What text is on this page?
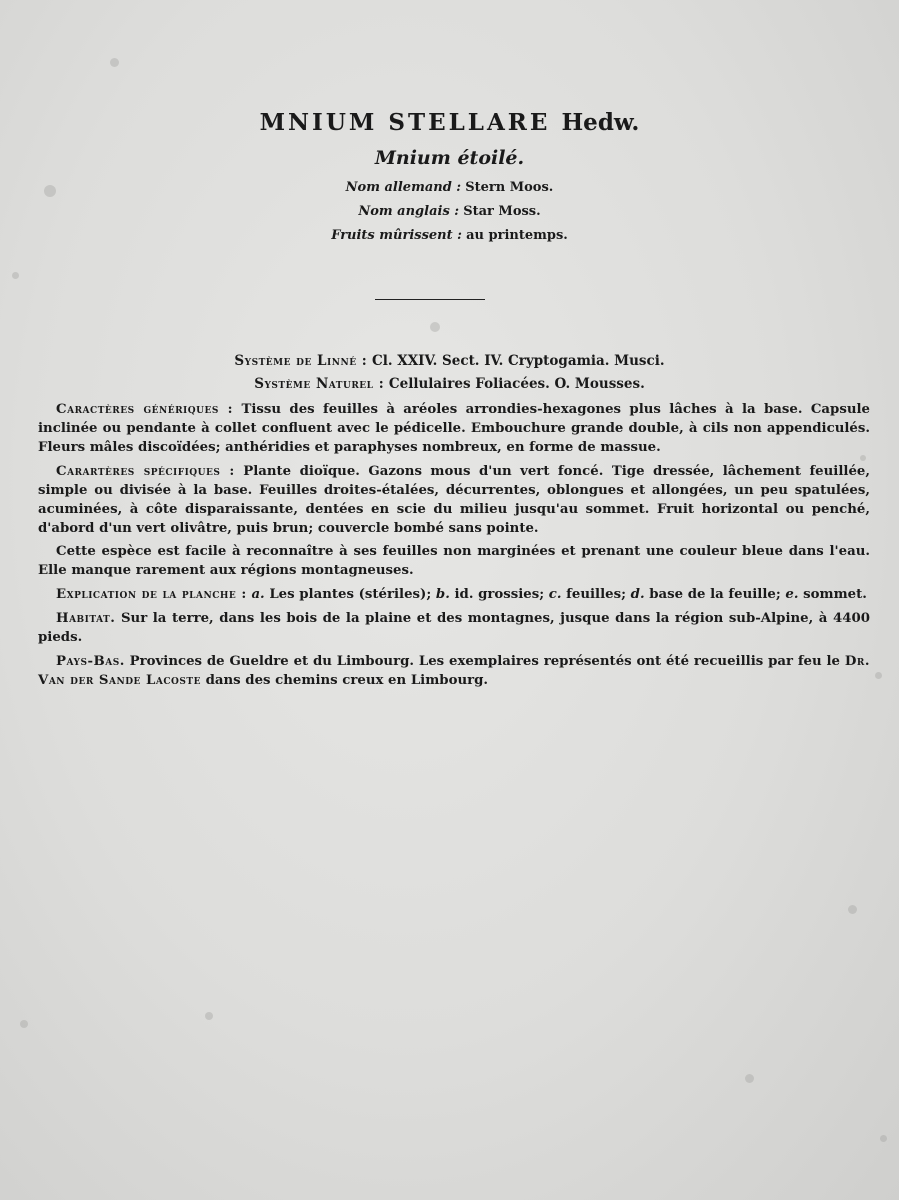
MNIUM STELLARE Hedw.
Mnium étoilé.
Nom allemand : Stern Moos.
Nom anglais : Star Moss.
Fruits mûrissent : au printemps.
Système de Linné : Cl. XXIV. Sect. IV. Cryptogamia. Musci.
Système Naturel : Cellulaires Foliacées. O. Mousses.

Caractères génériques : Tissu des feuilles à aréoles arrondies-hexagones plus lâches à la base. Capsule inclinée ou pendante à collet confluent avec le pédicelle. Embouchure grande double, à cils non appendiculés. Fleurs mâles discoïdées; anthéridies et paraphyses nombreux, en forme de massue.

Carartères spécifiques : Plante dioïque. Gazons mous d'un vert foncé. Tige dressée, lâchement feuillée, simple ou divisée à la base. Feuilles droites-étalées, décurrentes, oblongues et allongées, un peu spatulées, acuminées, à côte disparaissante, dentées en scie du milieu jusqu'au sommet. Fruit horizontal ou penché, d'abord d'un vert olivâtre, puis brun; couvercle bombé sans pointe.

Cette espèce est facile à reconnaître à ses feuilles non marginées et prenant une couleur bleue dans l'eau. Elle manque rarement aux régions montagneuses.

Explication de la planche : a. Les plantes (stériles); b. id. grossies; c. feuilles; d. base de la feuille; e. sommet.

Habitat. Sur la terre, dans les bois de la plaine et des montagnes, jusque dans la région sub-Alpine, à 4400 pieds.

Pays-Bas. Provinces de Gueldre et du Limbourg. Les exemplaires représentés ont été recueillis par feu le Dr. Van der Sande Lacoste dans des chemins creux en Limbourg.
